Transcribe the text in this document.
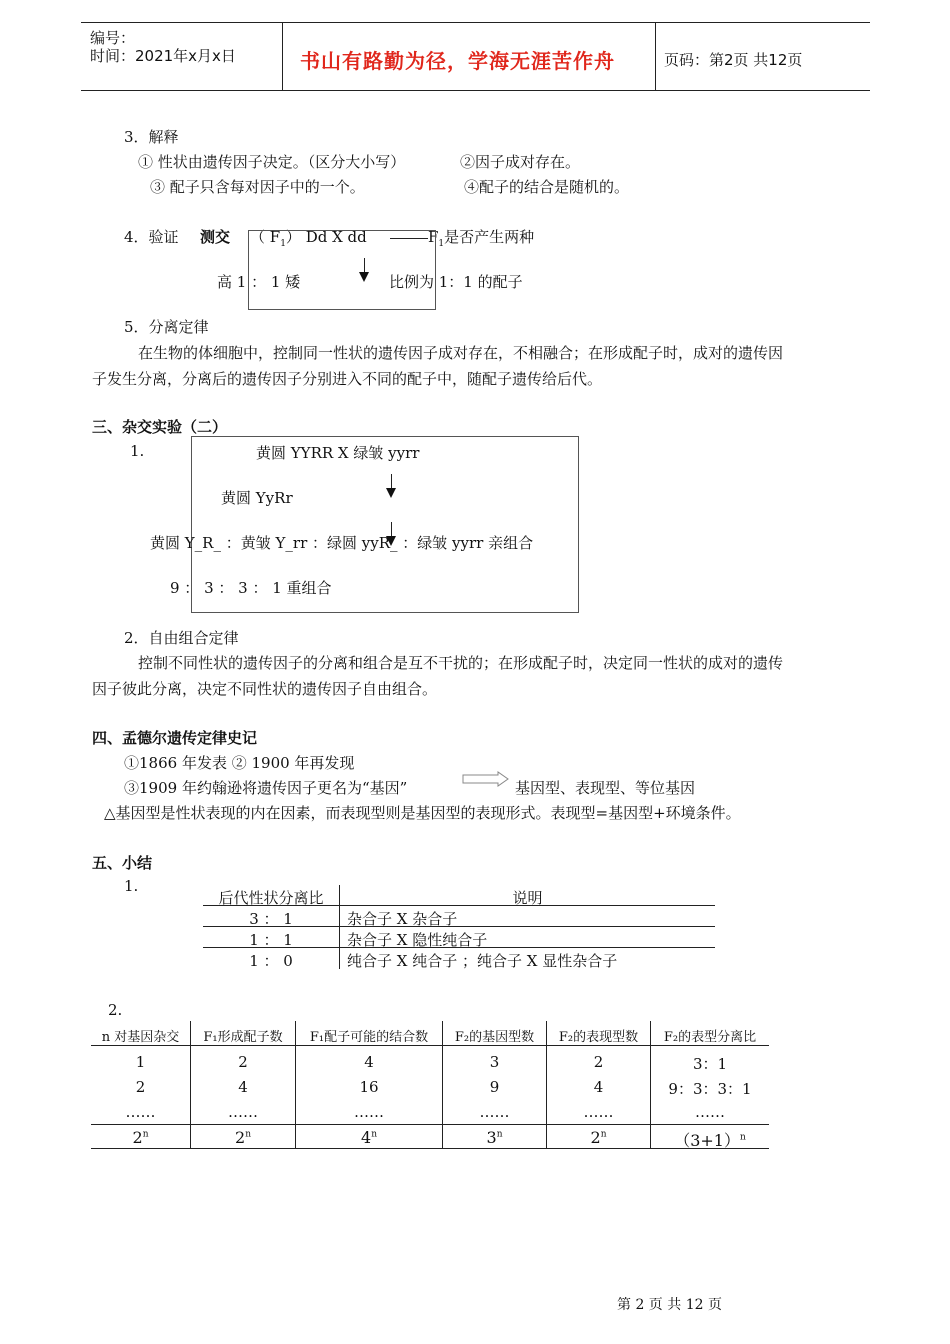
编号：
时间：2021年x月x日	书山有路勤为径，学海无涯苦作舟	页码：第2页 共12页
3．解释
① 性状由遗传因子决定。（区分大小写）	②因子成对存在。
③ 配子只含每对因子中的一个。	④配子的结合是随机的。
4．验证 测交 （ $F_1$） Dd X dd	$F_1$是否产生两种
高 1 ： 1 矮	比例为 1：1 的配子
5．分离定律
在生物的体细胞中，控制同一性状的遗传因子成对存在，不相融合；在形成配子时，成对的遗传因
子发生分离，分离后的遗传因子分别进入不同的配子中，随配子遗传给后代。
三、杂交实验（二）
1.	黄圆 YYRR X 绿皱 yyrr
黄圆 YyRr
黄圆 Y_R_ ：黄皱 Y_rr ：绿圆 yyR_ ：绿皱 yyrr 亲组合
9 ： 3 ： 3 ： 1 重组合
2．自由组合定律
控制不同性状的遗传因子的分离和组合是互不干扰的；在形成配子时，决定同一性状的成对的遗传
因子彼此分离，决定不同性状的遗传因子自由组合。
四、孟德尔遗传定律史记
①1866 年发表 ② 1900 年再发现
③1909 年约翰逊将遗传因子更名为“基因”	基因型、表现型、等位基因
△基因型是性状表现的内在因素，而表现型则是基因型的表现形式。表现型=基因型+环境条件。
五、小结
1.
后代性状分离比	说明
3 ： 1	杂合子 X 杂合子
1 ： 1	杂合子 X 隐性纯合子
1 ： 0	纯合子 X 纯合子 ；纯合子 X 显性杂合子
2.
n 对基因杂交	F₁形成配子数	F₁配子可能的结合数	F₂的基因型数	F₂的表现型数	F₂的表型分离比
1	2	4	3	2	3：1
2	4	16	9	4	9：3：3：1
……	……	……	……	……	……
2$^n$	2$^n$	4$^n$	3$^n$	2$^n$	$(3+1)^n$
第 2 页 共 12 页
